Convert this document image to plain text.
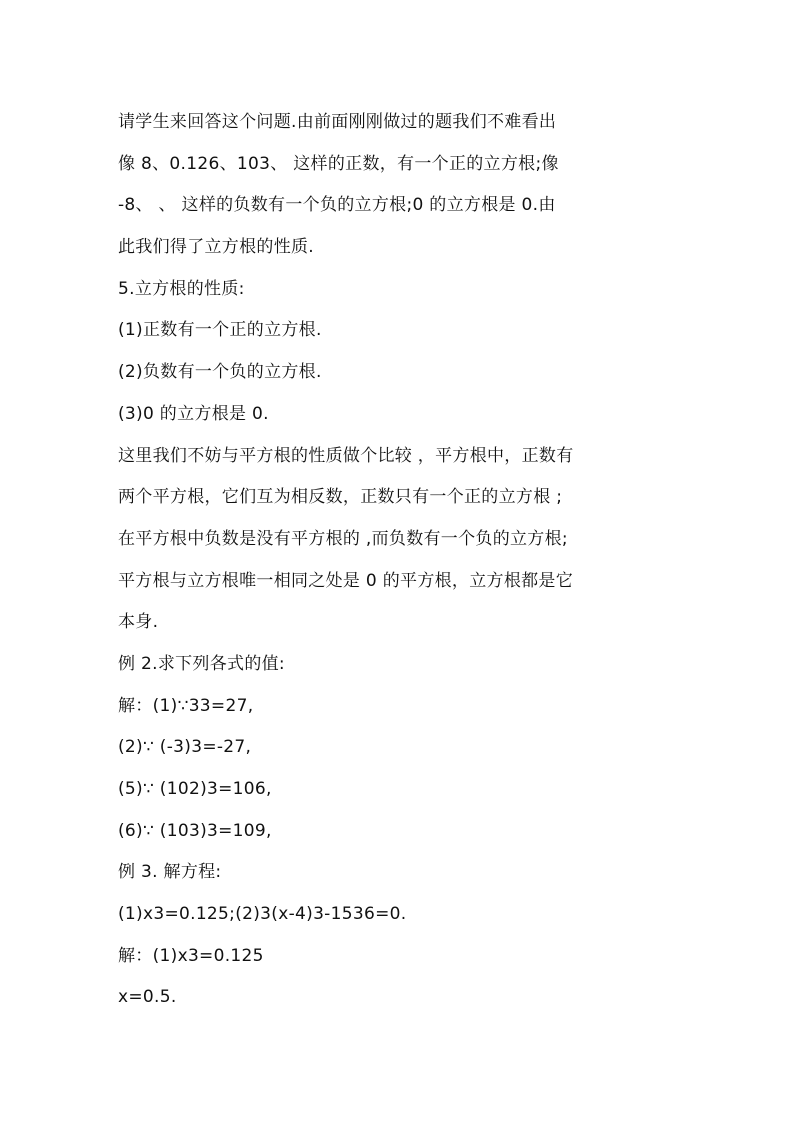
请学生来回答这个问题.由前面刚刚做过的题我们不难看出
像 8、0.126、103、 这样的正数，有一个正的立方根;像
-8、 、 这样的负数有一个负的立方根;0 的立方根是 0.由
此我们得了立方根的性质.
5.立方根的性质:
(1)正数有一个正的立方根.
(2)负数有一个负的立方根.
(3)0 的立方根是 0.
这里我们不妨与平方根的性质做个比较 ，平方根中，正数有
两个平方根，它们互为相反数，正数只有一个正的立方根 ;
在平方根中负数是没有平方根的 ,而负数有一个负的立方根;
平方根与立方根唯一相同之处是 0 的平方根，立方根都是它
本身.
例 2.求下列各式的值:
解：(1)∵33=27,
(2)∵ (-3)3=-27,
(5)∵ (102)3=106,
(6)∵ (103)3=109,
例 3. 解方程:
(1)x3=0.125;(2)3(x-4)3-1536=0.
解：(1)x3=0.125
x=0.5.
